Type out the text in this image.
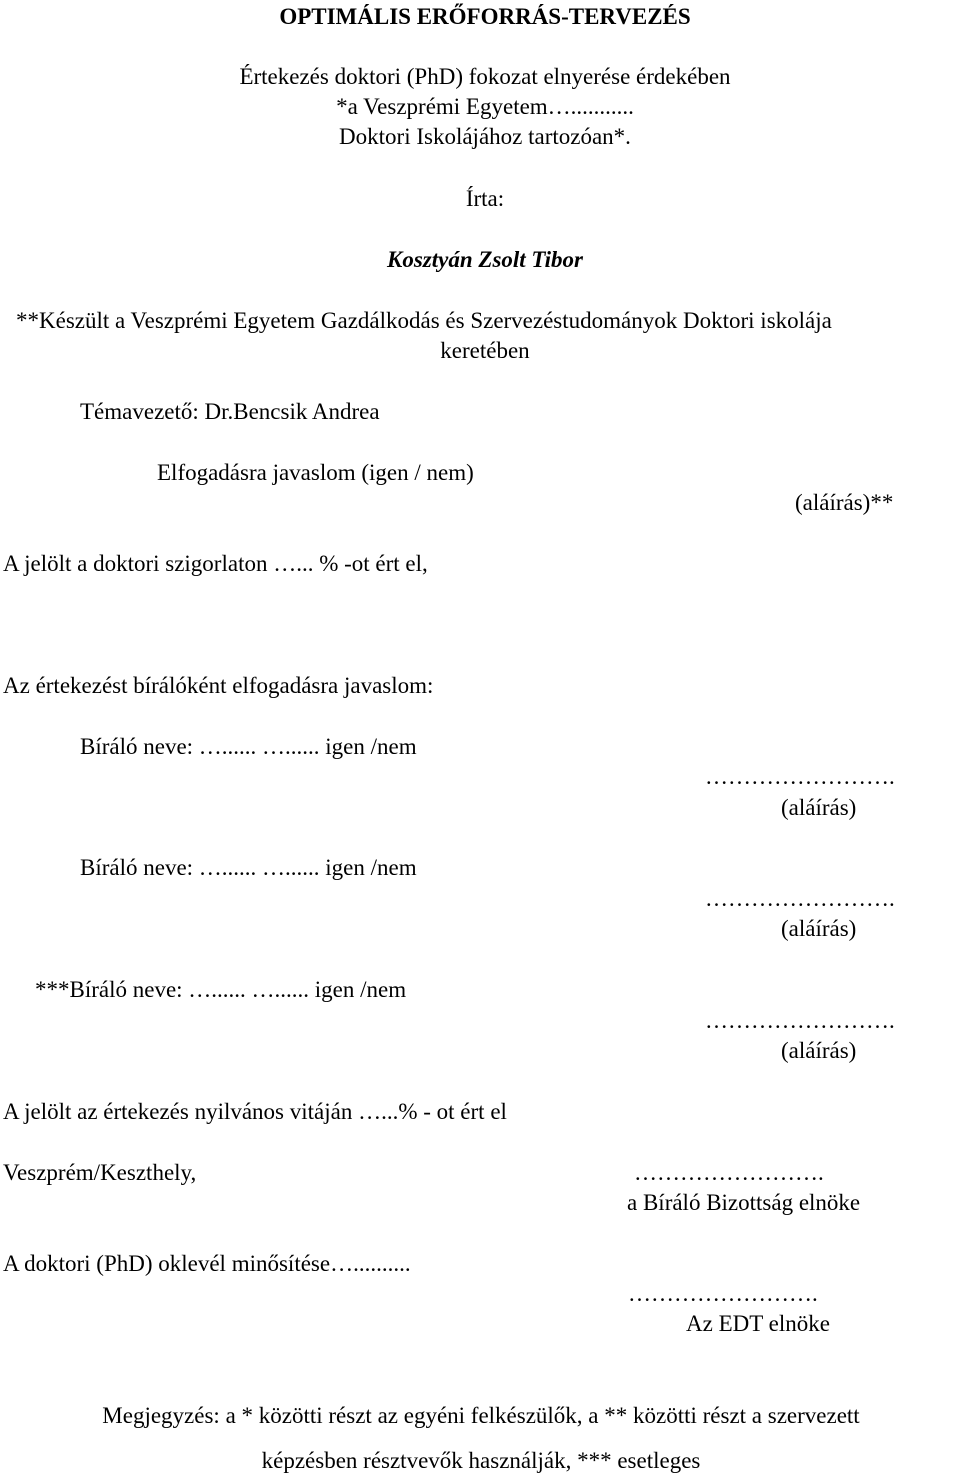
OPTIMÁLIS ERŐFORRÁS-TERVEZÉS
Értekezés doktori (PhD) fokozat elnyerése érdekében
*a Veszprémi Egyetem…...........
Doktori Iskolájához tartozóan*.
Írta:
Kosztyán Zsolt Tibor
**Készült a Veszprémi Egyetem Gazdálkodás és Szervezéstudományok Doktori iskolája
keretében
Témavezető: Dr.Bencsik Andrea
Elfogadásra javaslom (igen / nem)
(aláírás)**
A jelölt a doktori szigorlaton …... % -ot ért el,
Az értekezést bírálóként elfogadásra javaslom:
Bíráló neve: …...... …...... igen /nem
…………………….
(aláírás)
Bíráló neve: …...... …...... igen /nem
…………………….
(aláírás)
***Bíráló neve: …...... …...... igen /nem
…………………….
(aláírás)
A jelölt az értekezés nyilvános vitáján …...% - ot ért el
Veszprém/Keszthely,	…………………….
a Bíráló Bizottság elnöke
A doktori (PhD) oklevél minősítése…..........
…………………….
Az EDT elnöke
Megjegyzés: a * közötti részt az egyéni felkészülők, a ** közötti részt a szervezett
képzésben résztvevők használják, *** esetleges
